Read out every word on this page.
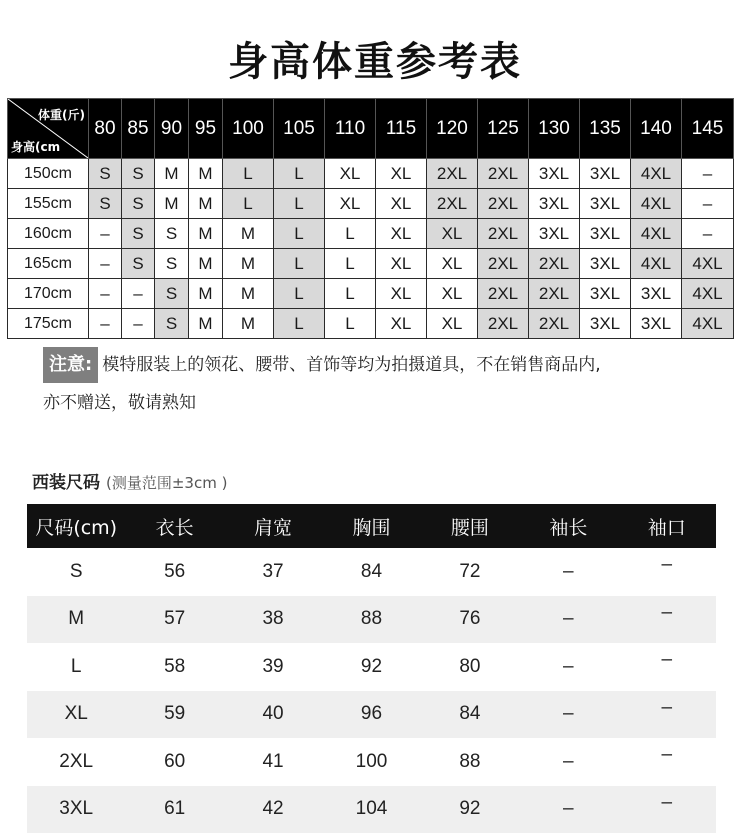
身高体重参考表
体重(斤)
身高(cm	80	85	90	95	100	105	110	115	120	125	130	135	140	145
150cm	S	S	M	M	L	L	XL	XL	2XL	2XL	3XL	3XL	4XL	–
155cm	S	S	M	M	L	L	XL	XL	2XL	2XL	3XL	3XL	4XL	–
160cm	–	S	S	M	M	L	L	XL	XL	2XL	3XL	3XL	4XL	–
165cm	–	S	S	M	M	L	L	XL	XL	2XL	2XL	3XL	4XL	4XL
170cm	–	–	S	M	M	L	L	XL	XL	2XL	2XL	3XL	3XL	4XL
175cm	–	–	S	M	M	L	L	XL	XL	2XL	2XL	3XL	3XL	4XL
注意: 模特服装上的领花、腰带、首饰等均为拍摄道具，不在销售商品内,
亦不赠送，敬请熟知
西装尺码 (测量范围±3cm )
尺码(cm)	衣长	肩宽	胸围	腰围	袖长	袖口
S	56	37	84	72	–	–
M	57	38	88	76	–	–
L	58	39	92	80	–	–
XL	59	40	96	84	–	–
2XL	60	41	100	88	–	–
3XL	61	42	104	92	–	–
